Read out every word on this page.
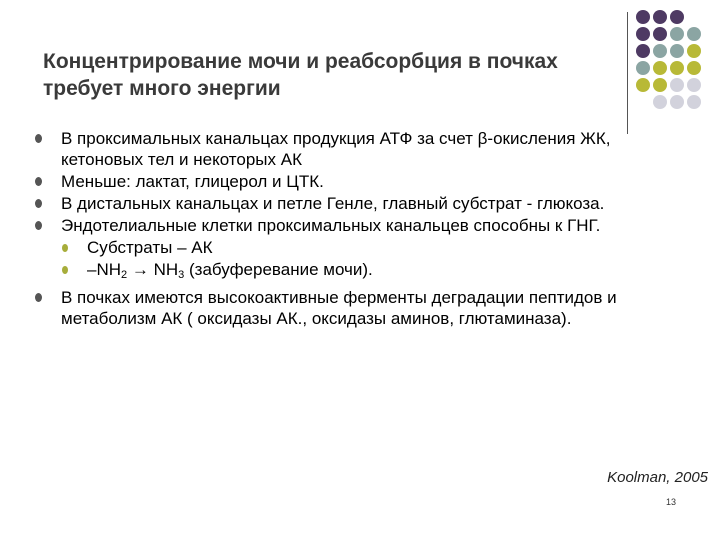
Концентрирование мочи и реабсорбция в почках требует много энергии
В проксимальных канальцах продукция АТФ за счет β-окисления ЖК, кетоновых тел и некоторых АК
Меньше: лактат, глицерол и ЦТК.
В дистальных канальцах и петле Генле, главный субстрат - глюкоза.
Эндотелиальные клетки проксимальных канальцев способны к ГНГ.
Субстраты – АК
$-NH_2 \to NH_3$ (забуферевание мочи).
В почках имеются высокоактивные ферменты деградации пептидов и метаболизм АК ( оксидазы АК., оксидазы аминов, глютаминаза).
Koolman, 2005
13
